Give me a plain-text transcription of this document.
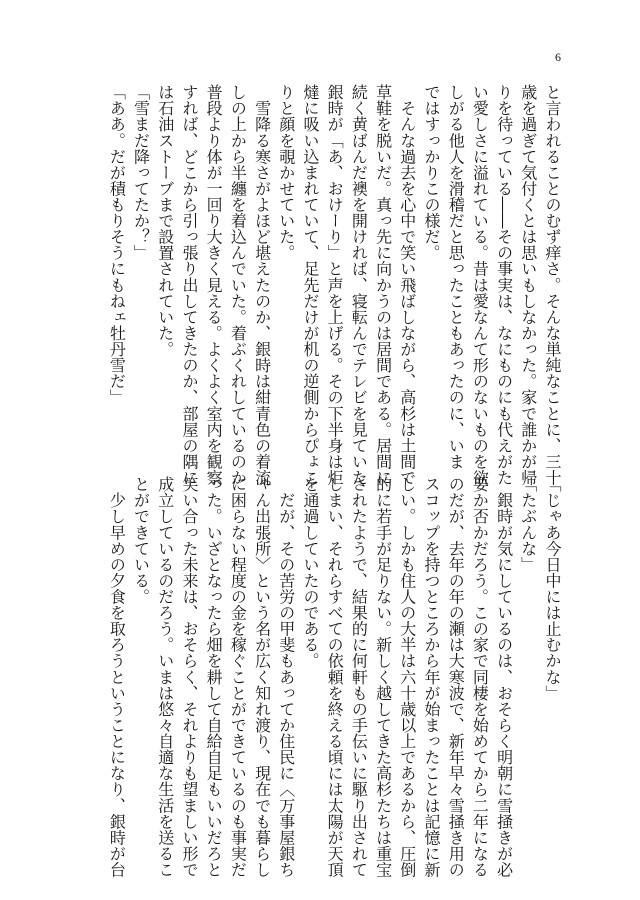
6
と言われることのむず痒さ。そんな単純なことに、三十
歳を過ぎて気付くとは思いもしなかった。家で誰かが帰
りを待っている――その事実は、なにものにも代えがた
い愛しさに溢れている。昔は愛なんて形のないものを欲
しがる他人を滑稽だと思ったこともあったのに、いま
ではすっかりこの様だ。
　そんな過去を心中で笑い飛ばしながら、高杉は土間で
草鞋を脱いだ。真っ先に向かうのは居間である。居間に
続く黄ばんだ襖を開ければ、寝転んでテレビを見ていた
銀時が「あ、おけーり」と声を上げる。その下半身は炬
燵に吸い込まれていて、足先だけが机の逆側からぴょこ
りと顔を覗かせていた。
　雪降る寒さがよほど堪えたのか、銀時は紺青色の着流
しの上から半纏を着込んでいた。着ぶくれしているのか
普段より体が一回り大きく見える。よくよく室内を観察
すれば、どこから引っ張り出してきたのか、部屋の隅に
は石油ストーブまで設置されていた。
「雪まだ降ってたか？」
「ああ。だが積もりそうにもねェ牡丹雪だ」
「じゃあ今日中には止むかな」
「たぶんな」
　銀時が気にしているのは、おそらく明朝に雪掻きが必
要か否かだろう。この家で同棲を始めてから二年になる
のだが、去年の年の瀬は大寒波で、新年早々雪掻き用の
スコップを持つところから年が始まったことは記憶に新
しい。しかも住人の大半は六十歳以上であるから、圧倒
的に若手が足りない。新しく越してきた高杉たちは重宝
されたようで、結果的に何軒もの手伝いに駆り出されて
しまい、それらすべての依頼を終える頃には太陽が天頂
を通過していたのである。
　だが、その苦労の甲斐もあってか住民に〈万事屋銀ち
ゃん出張所〉という名が広く知れ渡り、現在でも暮らし
に困らない程度の金を稼ぐことができているのも事実だ
った。いざとなったら畑を耕して自給自足もいいだろと
笑い合った未来は、おそらく、それよりも望ましい形で
成立しているのだろう。いまは悠々自適な生活を送るこ
とができている。
　少し早めの夕食を取ろうということになり、銀時が台
